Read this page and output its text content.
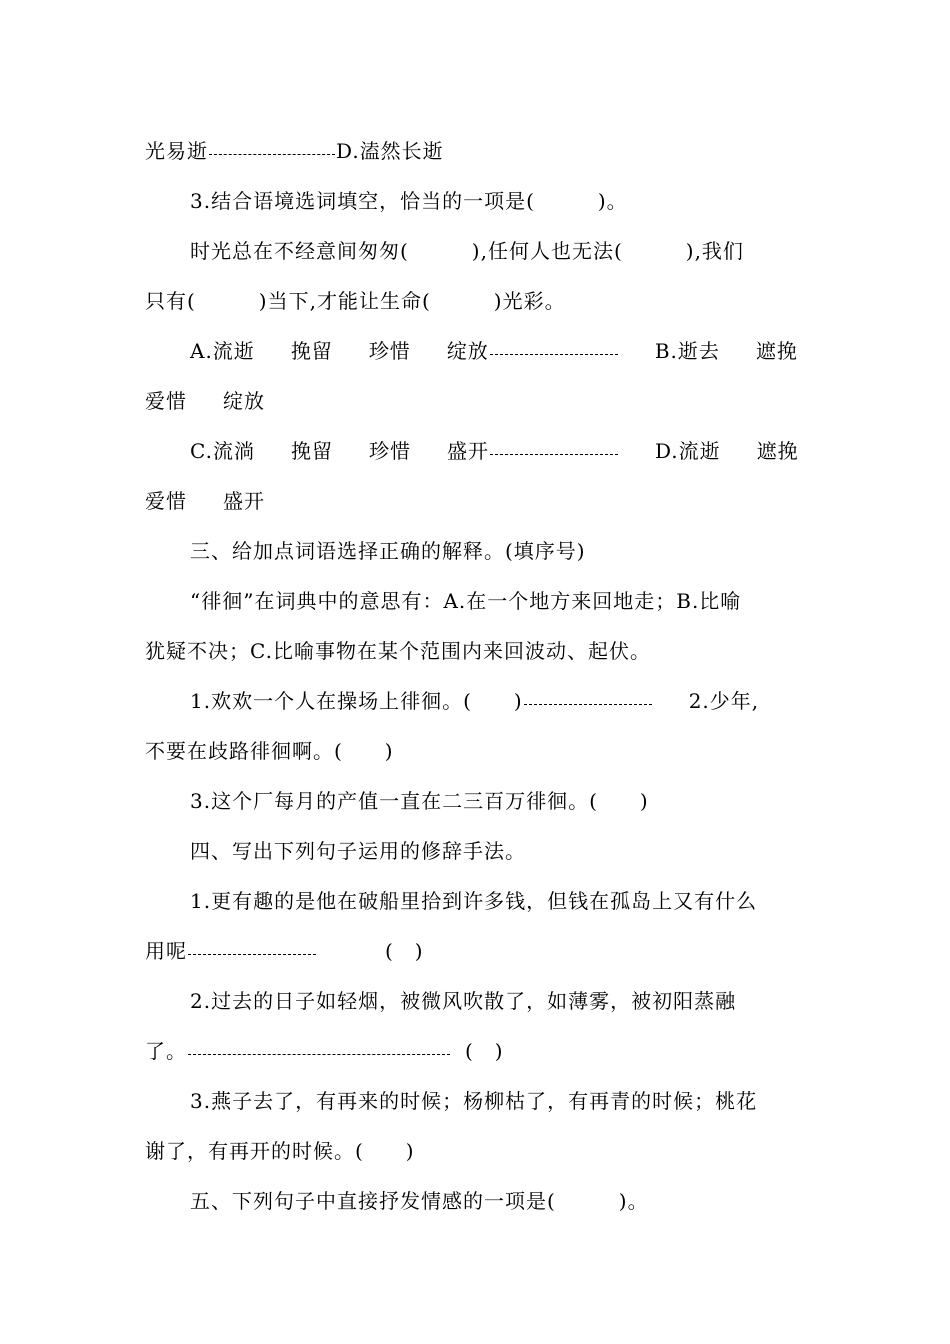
光易逝	D.溘然长逝
3.结合语境选词填空，恰当的一项是(　　　)。
时光总在不经意间匆匆(　　　),任何人也无法(　　　),我们
只有(　　　)当下,才能让生命(　　　)光彩。
A.流逝 挽留 珍惜 绽放	B.逝去 遮挽
爱惜 绽放
C.流淌 挽留 珍惜 盛开	D.流逝 遮挽
爱惜 盛开
三、给加点词语选择正确的解释。(填序号)
“徘徊”在词典中的意思有：A.在一个地方来回地走；B.比喻
犹疑不决；C.比喻事物在某个范围内来回波动、起伏。
1.欢欢一个人在操场上徘徊。(　　)	2.少年,
不要在歧路徘徊啊。(　　)
3.这个厂每月的产值一直在二三百万徘徊。(　　)
四、写出下列句子运用的修辞手法。
1.更有趣的是他在破船里拾到许多钱，但钱在孤岛上又有什么
用呢	(　)
2.过去的日子如轻烟，被微风吹散了，如薄雾，被初阳蒸融
了。	(　)
3.燕子去了，有再来的时候；杨柳枯了，有再青的时候；桃花
谢了，有再开的时候。(　　)
五、下列句子中直接抒发情感的一项是(　　　)。
